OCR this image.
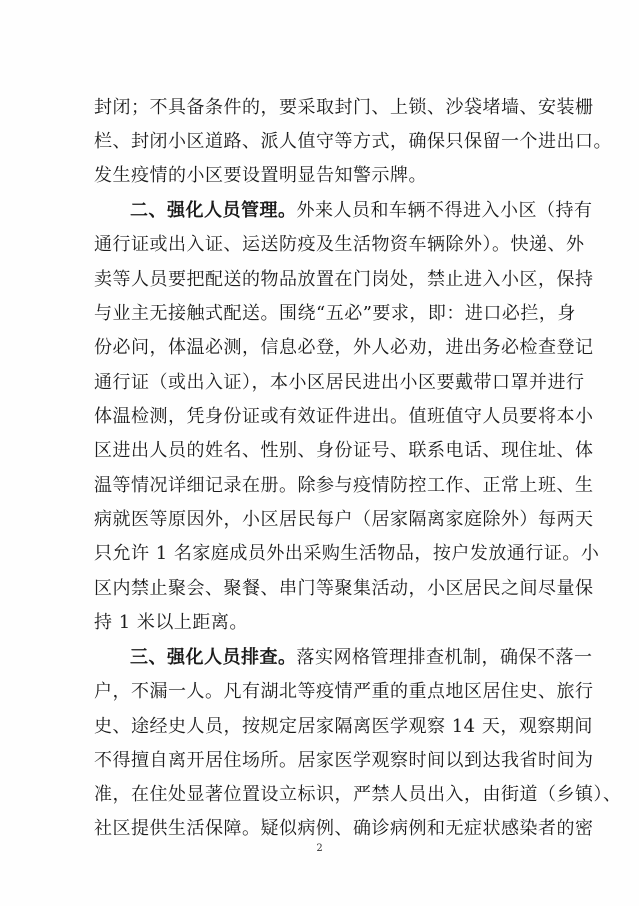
封闭；不具备条件的，要采取封门、上锁、沙袋堵墙、安装栅
栏、封闭小区道路、派人值守等方式，确保只保留一个进出口。
发生疫情的小区要设置明显告知警示牌。
二、强化人员管理。外来人员和车辆不得进入小区（持有
通行证或出入证、运送防疫及生活物资车辆除外）。快递、外
卖等人员要把配送的物品放置在门岗处，禁止进入小区，保持
与业主无接触式配送。围绕“五必”要求，即：进口必拦，身
份必问，体温必测，信息必登，外人必劝，进出务必检查登记
通行证（或出入证），本小区居民进出小区要戴带口罩并进行
体温检测，凭身份证或有效证件进出。值班值守人员要将本小
区进出人员的姓名、性别、身份证号、联系电话、现住址、体
温等情况详细记录在册。除参与疫情防控工作、正常上班、生
病就医等原因外，小区居民每户（居家隔离家庭除外）每两天
只允许 1 名家庭成员外出采购生活物品，按户发放通行证。小
区内禁止聚会、聚餐、串门等聚集活动，小区居民之间尽量保
持 1 米以上距离。
三、强化人员排查。落实网格管理排查机制，确保不落一
户，不漏一人。凡有湖北等疫情严重的重点地区居住史、旅行
史、途经史人员，按规定居家隔离医学观察 14 天，观察期间
不得擅自离开居住场所。居家医学观察时间以到达我省时间为
准，在住处显著位置设立标识，严禁人员出入，由街道（乡镇）、
社区提供生活保障。疑似病例、确诊病例和无症状感染者的密
2
